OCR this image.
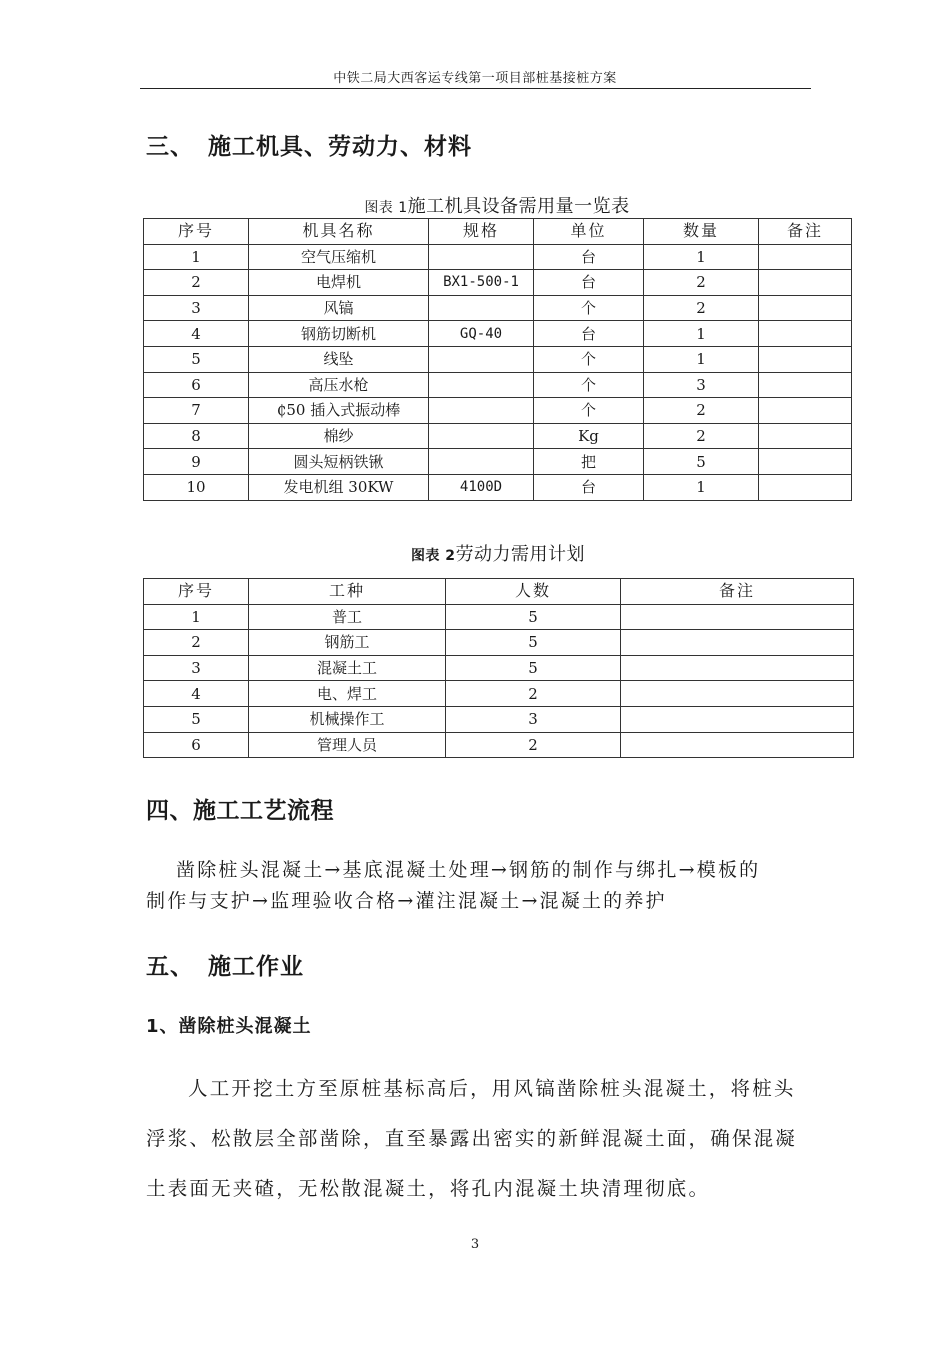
中铁二局大西客运专线第一项目部桩基接桩方案
三、 施工机具、劳动力、材料
图表 1施工机具设备需用量一览表
序号	机具名称	规格	单位	数量	备注
1	空气压缩机		台	1	
2	电焊机	BX1-500-1	台	2	
3	风镐		个	2	
4	钢筋切断机	GQ-40	台	1	
5	线坠		个	1	
6	高压水枪		个	3	
7	₵50 插入式振动棒		个	2	
8	棉纱		Kg	2	
9	圆头短柄铁锹		把	5	
10	发电机组 30KW	4100D	台	1	
图表 2劳动力需用计划
序号	工种	人数	备注
1	普工	5	
2	钢筋工	5	
3	混凝土工	5	
4	电、焊工	2	
5	机械操作工	3	
6	管理人员	2	
四、施工工艺流程
凿除桩头混凝土→基底混凝土处理→钢筋的制作与绑扎→模板的
制作与支护→监理验收合格→灌注混凝土→混凝土的养护
五、 施工作业
1、凿除桩头混凝土
人工开挖土方至原桩基标高后，用风镐凿除桩头混凝土，将桩头
浮浆、松散层全部凿除，直至暴露出密实的新鲜混凝土面，确保混凝
土表面无夹碴，无松散混凝土，将孔内混凝土块清理彻底。
3
